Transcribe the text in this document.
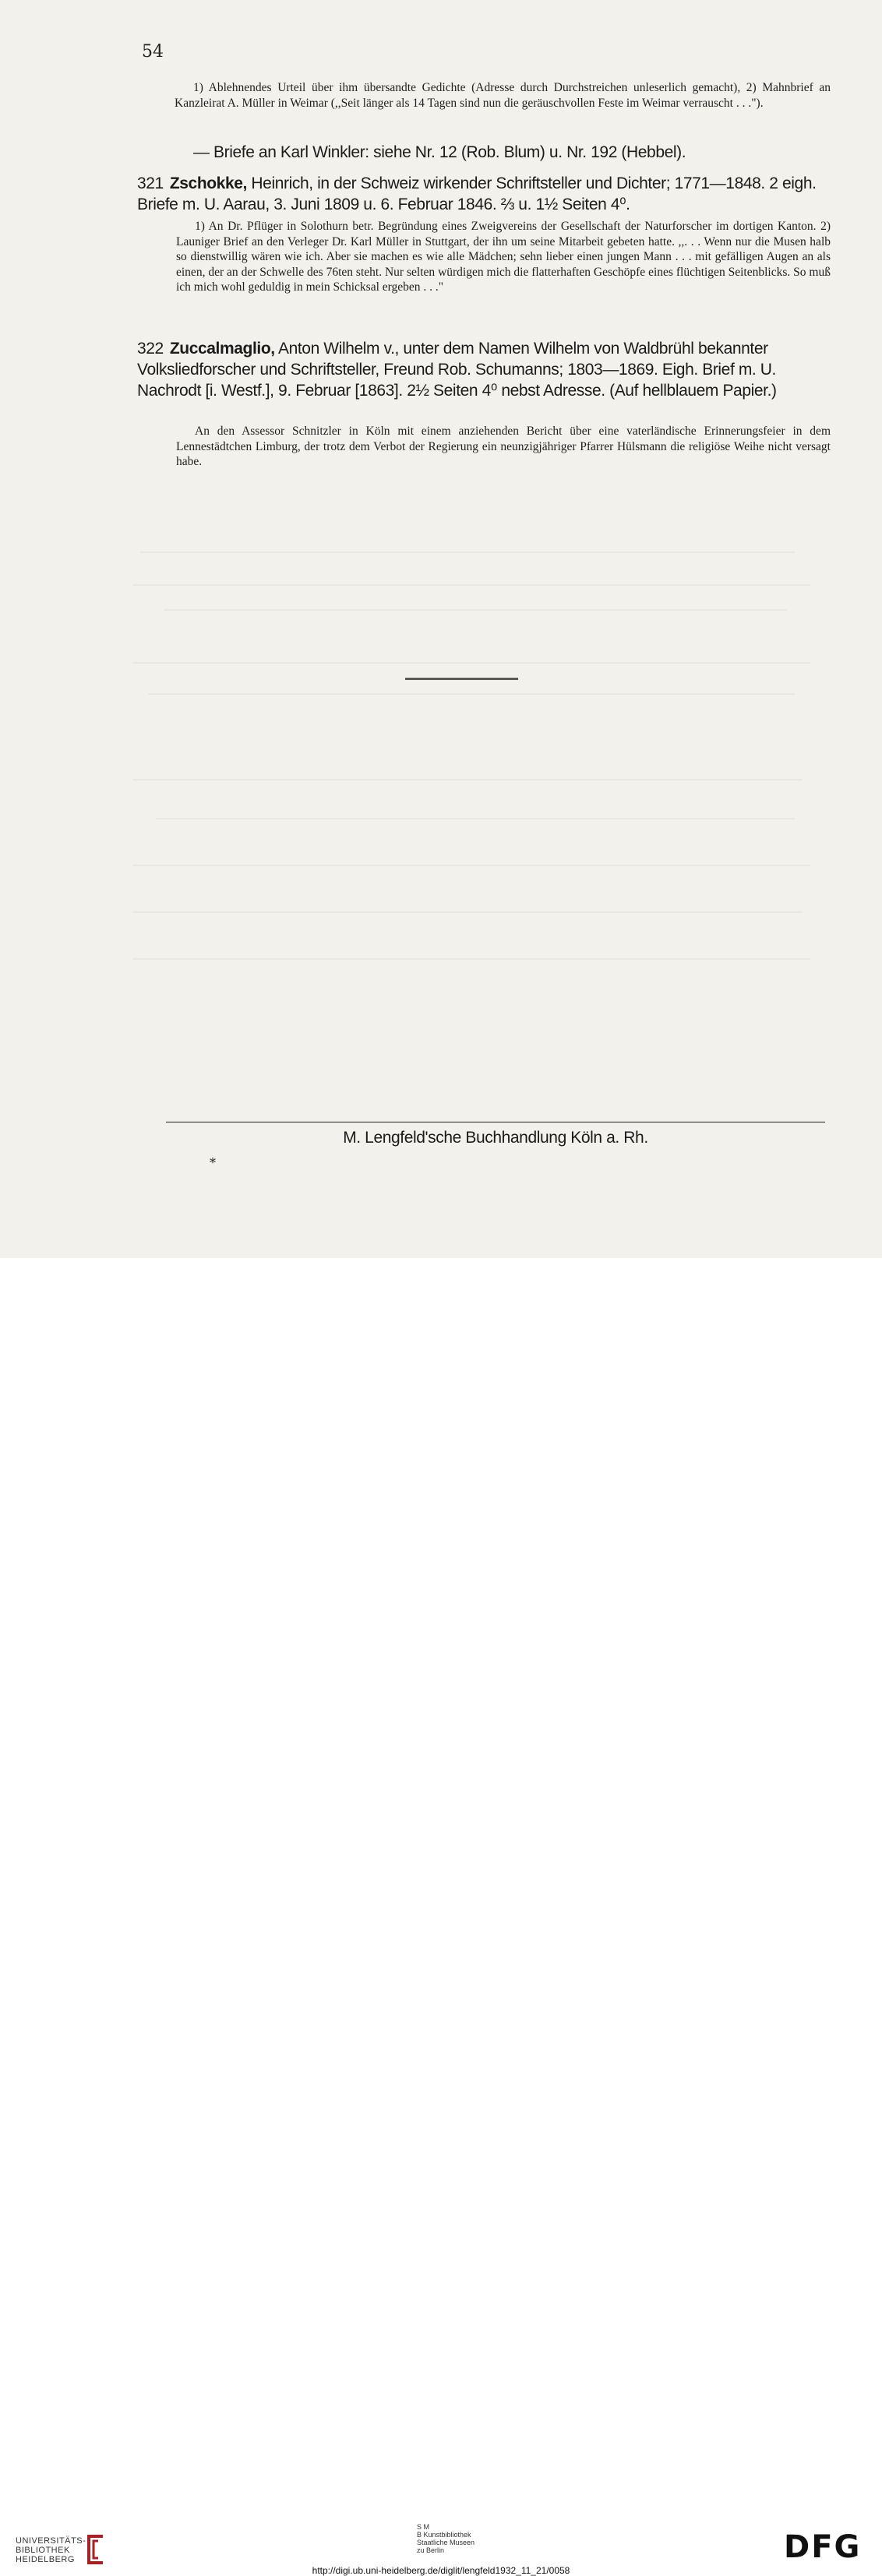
54
1) Ablehnendes Urteil über ihm übersandte Gedichte (Adresse durch Durchstreichen unleserlich gemacht), 2) Mahnbrief an Kanzleirat A. Müller in Weimar (,,Seit länger als 14 Tagen sind nun die geräuschvollen Feste im Weimar verrauscht . . .").
— Briefe an Karl Winkler: siehe Nr. 12 (Rob. Blum) u. Nr. 192 (Hebbel).
321 Zschokke, Heinrich, in der Schweiz wirkender Schriftsteller und Dichter; 1771—1848. 2 eigh. Briefe m. U. Aarau, 3. Juni 1809 u. 6. Februar 1846. ⅔ u. 1½ Seiten 4⁰.
1) An Dr. Pflüger in Solothurn betr. Begründung eines Zweigvereins der Gesellschaft der Naturforscher im dortigen Kanton. 2) Launiger Brief an den Verleger Dr. Karl Müller in Stuttgart, der ihn um seine Mitarbeit gebeten hatte. ,,. . . Wenn nur die Musen halb so dienstwillig wären wie ich. Aber sie machen es wie alle Mädchen; sehn lieber einen jungen Mann . . . mit gefälligen Augen an als einen, der an der Schwelle des 76ten steht. Nur selten würdigen mich die flatterhaften Geschöpfe eines flüchtigen Seitenblicks. So muß ich mich wohl geduldig in mein Schicksal ergeben . . ."
322 Zuccalmaglio, Anton Wilhelm v., unter dem Namen Wilhelm von Waldbrühl bekannter Volksliedforscher und Schriftsteller, Freund Rob. Schumanns; 1803—1869. Eigh. Brief m. U. Nachrodt [i. Westf.], 9. Februar [1863]. 2½ Seiten 4⁰ nebst Adresse. (Auf hellblauem Papier.)
An den Assessor Schnitzler in Köln mit einem anziehenden Bericht über eine vaterländische Erinnerungsfeier in dem Lennestädtchen Limburg, der trotz dem Verbot der Regierung ein neunzigjähriger Pfarrer Hülsmann die religiöse Weihe nicht versagt habe.
M. Lengfeld'sche Buchhandlung Köln a. Rh.
*
UNIVERSITÄTS-
BIBLIOTHEK
HEIDELBERG
S M
B Kunstbibliothek
Staatliche Museen
zu Berlin	DFG
http://digi.ub.uni-heidelberg.de/diglit/lengfeld1932_11_21/0058
